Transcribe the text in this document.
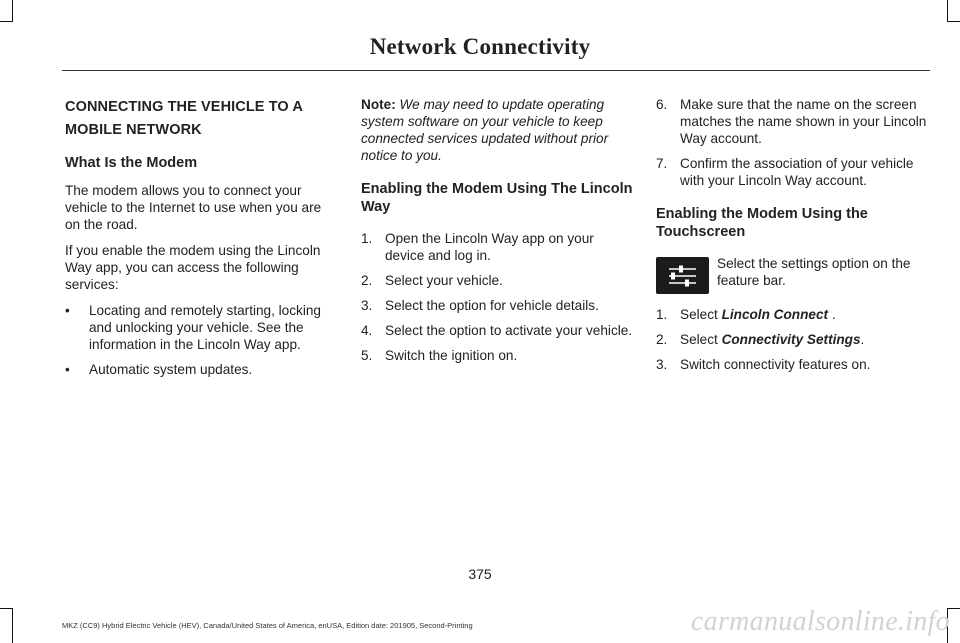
Network Connectivity
CONNECTING THE VEHICLE TO A
MOBILE NETWORK
What Is the Modem

The modem allows you to connect your vehicle to the Internet to use when you are on the road.

If you enable the modem using the Lincoln Way app, you can access the following services:

• Locating and remotely starting, locking and unlocking your vehicle. See the information in the Lincoln Way app.
• Automatic system updates.

Note: We may need to update operating system software on your vehicle to keep connected services updated without prior notice to you.

Enabling the Modem Using The Lincoln Way
1. Open the Lincoln Way app on your device and log in.
2. Select your vehicle.
3. Select the option for vehicle details.
4. Select the option to activate your vehicle.
5. Switch the ignition on.
6. Make sure that the name on the screen matches the name shown in your Lincoln Way account.
7. Confirm the association of your vehicle with your Lincoln Way account.
Enabling the Modem Using the Touchscreen
Select the settings option on the feature bar.
1. Select Lincoln Connect .
2. Select Connectivity Settings.
3. Switch connectivity features on.
375
MKZ (CC9) Hybrid Electric Vehicle (HEV), Canada/United States of America, enUSA, Edition date: 201905, Second-Printing	carmanualsonline.info
